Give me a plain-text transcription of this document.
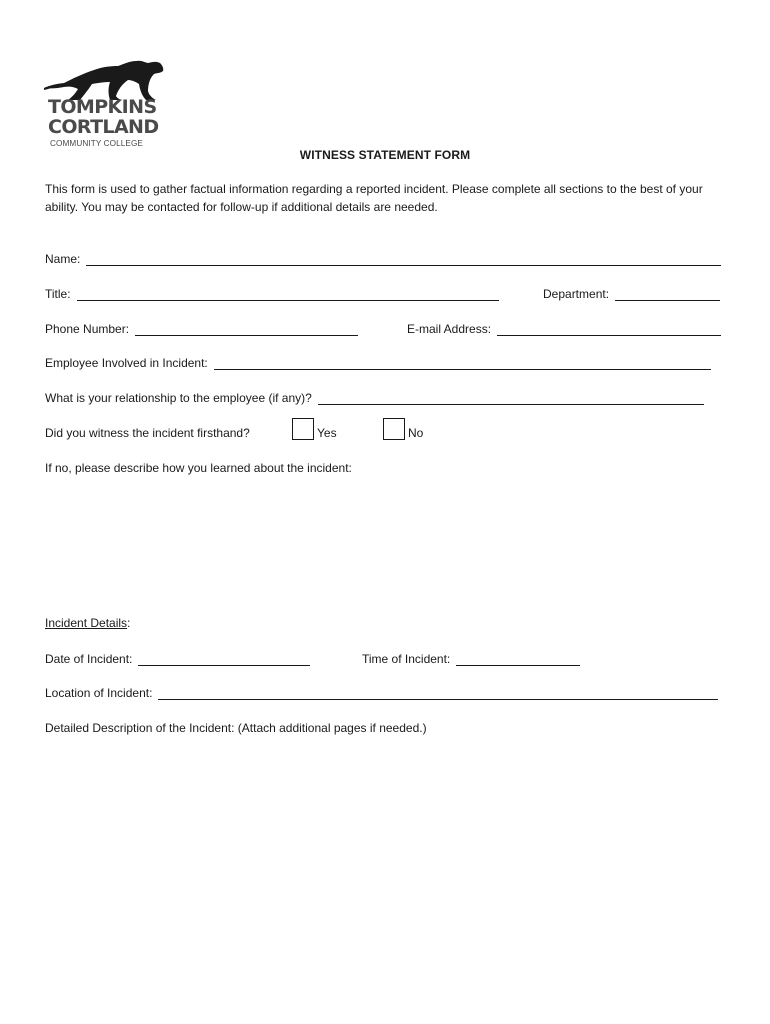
TOMPKINS
CORTLAND
COMMUNITY COLLEGE
WITNESS STATEMENT FORM
This form is used to gather factual information regarding a reported incident. Please complete all sections to the best of your ability. You may be contacted for follow-up if additional details are needed.
Name:
Title:	Department:
Phone Number:	E-mail Address:
Employee Involved in Incident:
What is your relationship to the employee (if any)?
Did you witness the incident firsthand?	Yes	No
If no, please describe how you learned about the incident:
Incident Details:
Date of Incident:	Time of Incident:
Location of Incident:
Detailed Description of the Incident: (Attach additional pages if needed.)
